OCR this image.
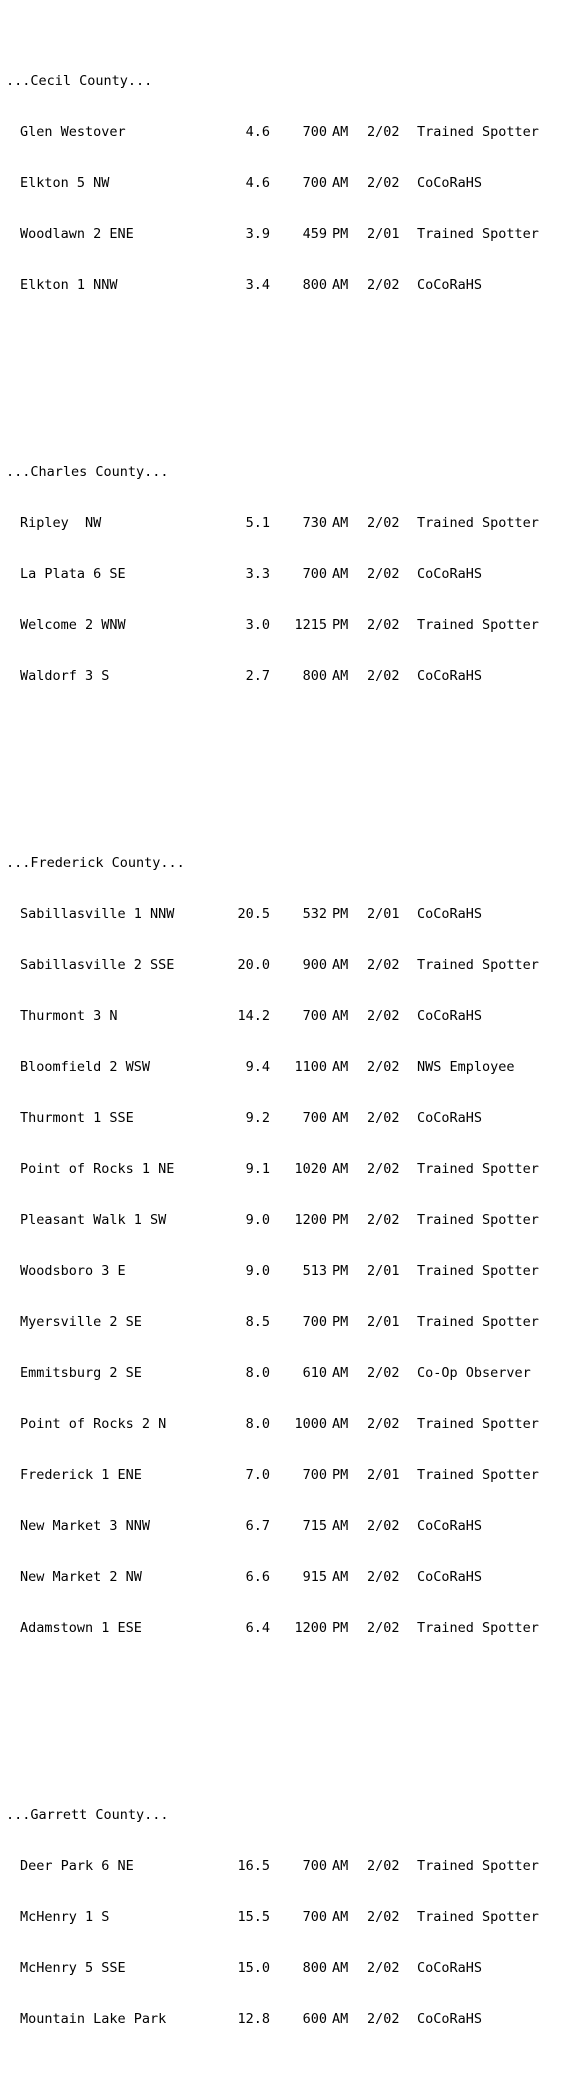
...Cecil County...

Glen Westover	4.6	700 AM 2/02 Trained Spotter

Elkton 5 NW	4.6	700 AM 2/02 CoCoRaHS

Woodlawn 2 ENE	3.9	459 PM 2/01 Trained Spotter

Elkton 1 NNW	3.4	800 AM 2/02 CoCoRaHS

...Charles County...

Ripley  NW	5.1	730 AM 2/02 Trained Spotter

La Plata 6 SE	3.3	700 AM 2/02 CoCoRaHS

Welcome 2 WNW	3.0	1215 PM 2/02 Trained Spotter

Waldorf 3 S	2.7	800 AM 2/02 CoCoRaHS

...Frederick County...

Sabillasville 1 NNW	20.5	532 PM 2/01 CoCoRaHS

Sabillasville 2 SSE	20.0	900 AM 2/02 Trained Spotter

Thurmont 3 N	14.2	700 AM 2/02 CoCoRaHS

Bloomfield 2 WSW	9.4	1100 AM 2/02 NWS Employee

Thurmont 1 SSE	9.2	700 AM 2/02 CoCoRaHS

Point of Rocks 1 NE	9.1	1020 AM 2/02 Trained Spotter

Pleasant Walk 1 SW	9.0	1200 PM 2/02 Trained Spotter

Woodsboro 3 E	9.0	513 PM 2/01 Trained Spotter

Myersville 2 SE	8.5	700 PM 2/01 Trained Spotter

Emmitsburg 2 SE	8.0	610 AM 2/02 Co-Op Observer

Point of Rocks 2 N	8.0	1000 AM 2/02 Trained Spotter

Frederick 1 ENE	7.0	700 PM 2/01 Trained Spotter

New Market 3 NNW	6.7	715 AM 2/02 CoCoRaHS

New Market 2 NW	6.6	915 AM 2/02 CoCoRaHS

Adamstown 1 ESE	6.4	1200 PM 2/02 Trained Spotter

...Garrett County...

Deer Park 6 NE	16.5	700 AM 2/02 Trained Spotter

McHenry 1 S	15.5	700 AM 2/02 Trained Spotter

McHenry 5 SSE	15.0	800 AM 2/02 CoCoRaHS

Mountain Lake Park	12.8	600 AM 2/02 CoCoRaHS
